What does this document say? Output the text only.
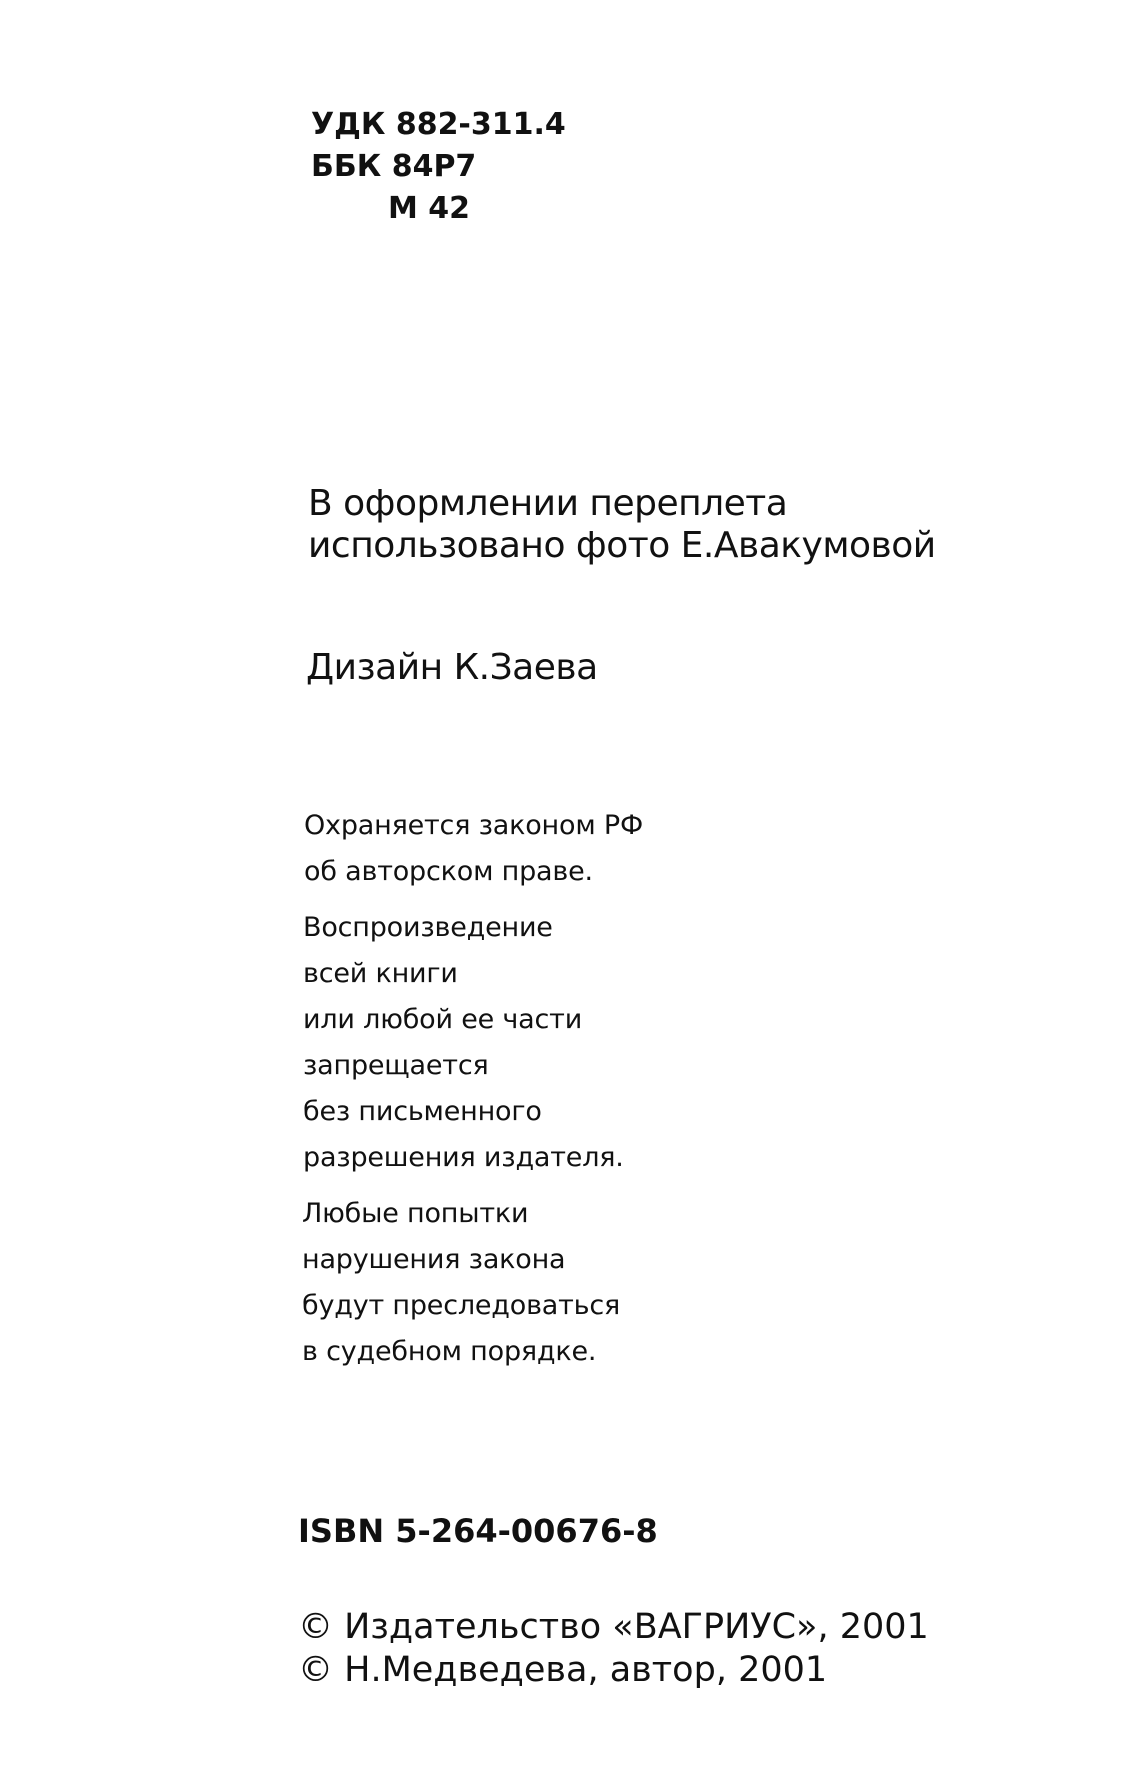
УДК 882-311.4
ББК 84Р7
М 42
В оформлении переплета
использовано фото Е.Авакумовой
Дизайн К.Заева
Охраняется законом РФ
об авторском праве.
Воспроизведение
всей книги
или любой ее части
запрещается
без письменного
разрешения издателя.
Любые попытки
нарушения закона
будут преследоваться
в судебном порядке.
ISBN 5-264-00676-8
© Издательство «ВАГРИУС», 2001
© Н.Медведева, автор, 2001
